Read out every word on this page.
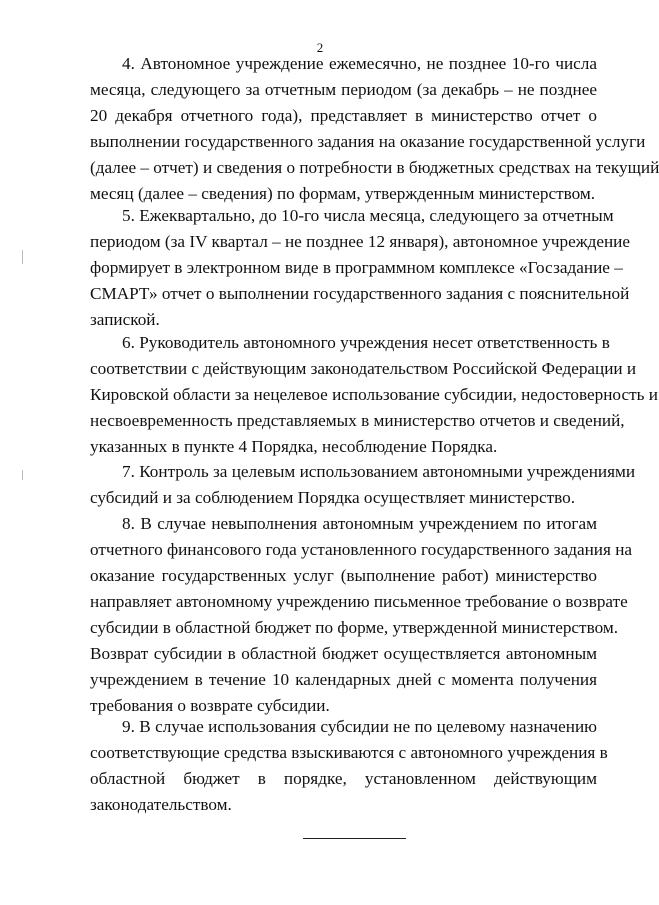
2
4. Автономное учреждение ежемесячно, не позднее 10-го числа
месяца, следующего за отчетным периодом (за декабрь – не позднее
20 декабря отчетного года), представляет в министерство отчет о
выполнении государственного задания на оказание государственной услуги
(далее – отчет) и сведения о потребности в бюджетных средствах на текущий
месяц (далее – сведения) по формам, утвержденным министерством.
5. Ежеквартально, до 10-го числа месяца, следующего за отчетным
периодом (за IV квартал – не позднее 12 января), автономное учреждение
формирует в электронном виде в программном комплексе «Госзадание –
СМАРТ» отчет о выполнении государственного задания с пояснительной
запиской.
6. Руководитель автономного учреждения несет ответственность в
соответствии с действующим законодательством Российской Федерации и
Кировской области за нецелевое использование субсидии, недостоверность и
несвоевременность представляемых в министерство отчетов и сведений,
указанных в пункте 4 Порядка, несоблюдение Порядка.
7. Контроль за целевым использованием автономными учреждениями
субсидий и за соблюдением Порядка осуществляет министерство.
8. В случае невыполнения автономным учреждением по итогам
отчетного финансового года установленного государственного задания на
оказание государственных услуг (выполнение работ) министерство
направляет автономному учреждению письменное требование о возврате
субсидии в областной бюджет по форме, утвержденной министерством.
Возврат субсидии в областной бюджет осуществляется автономным
учреждением в течение 10 календарных дней с момента получения
требования о возврате субсидии.
9. В случае использования субсидии не по целевому назначению
соответствующие средства взыскиваются с автономного учреждения в
областной бюджет в порядке, установленном действующим
законодательством.
